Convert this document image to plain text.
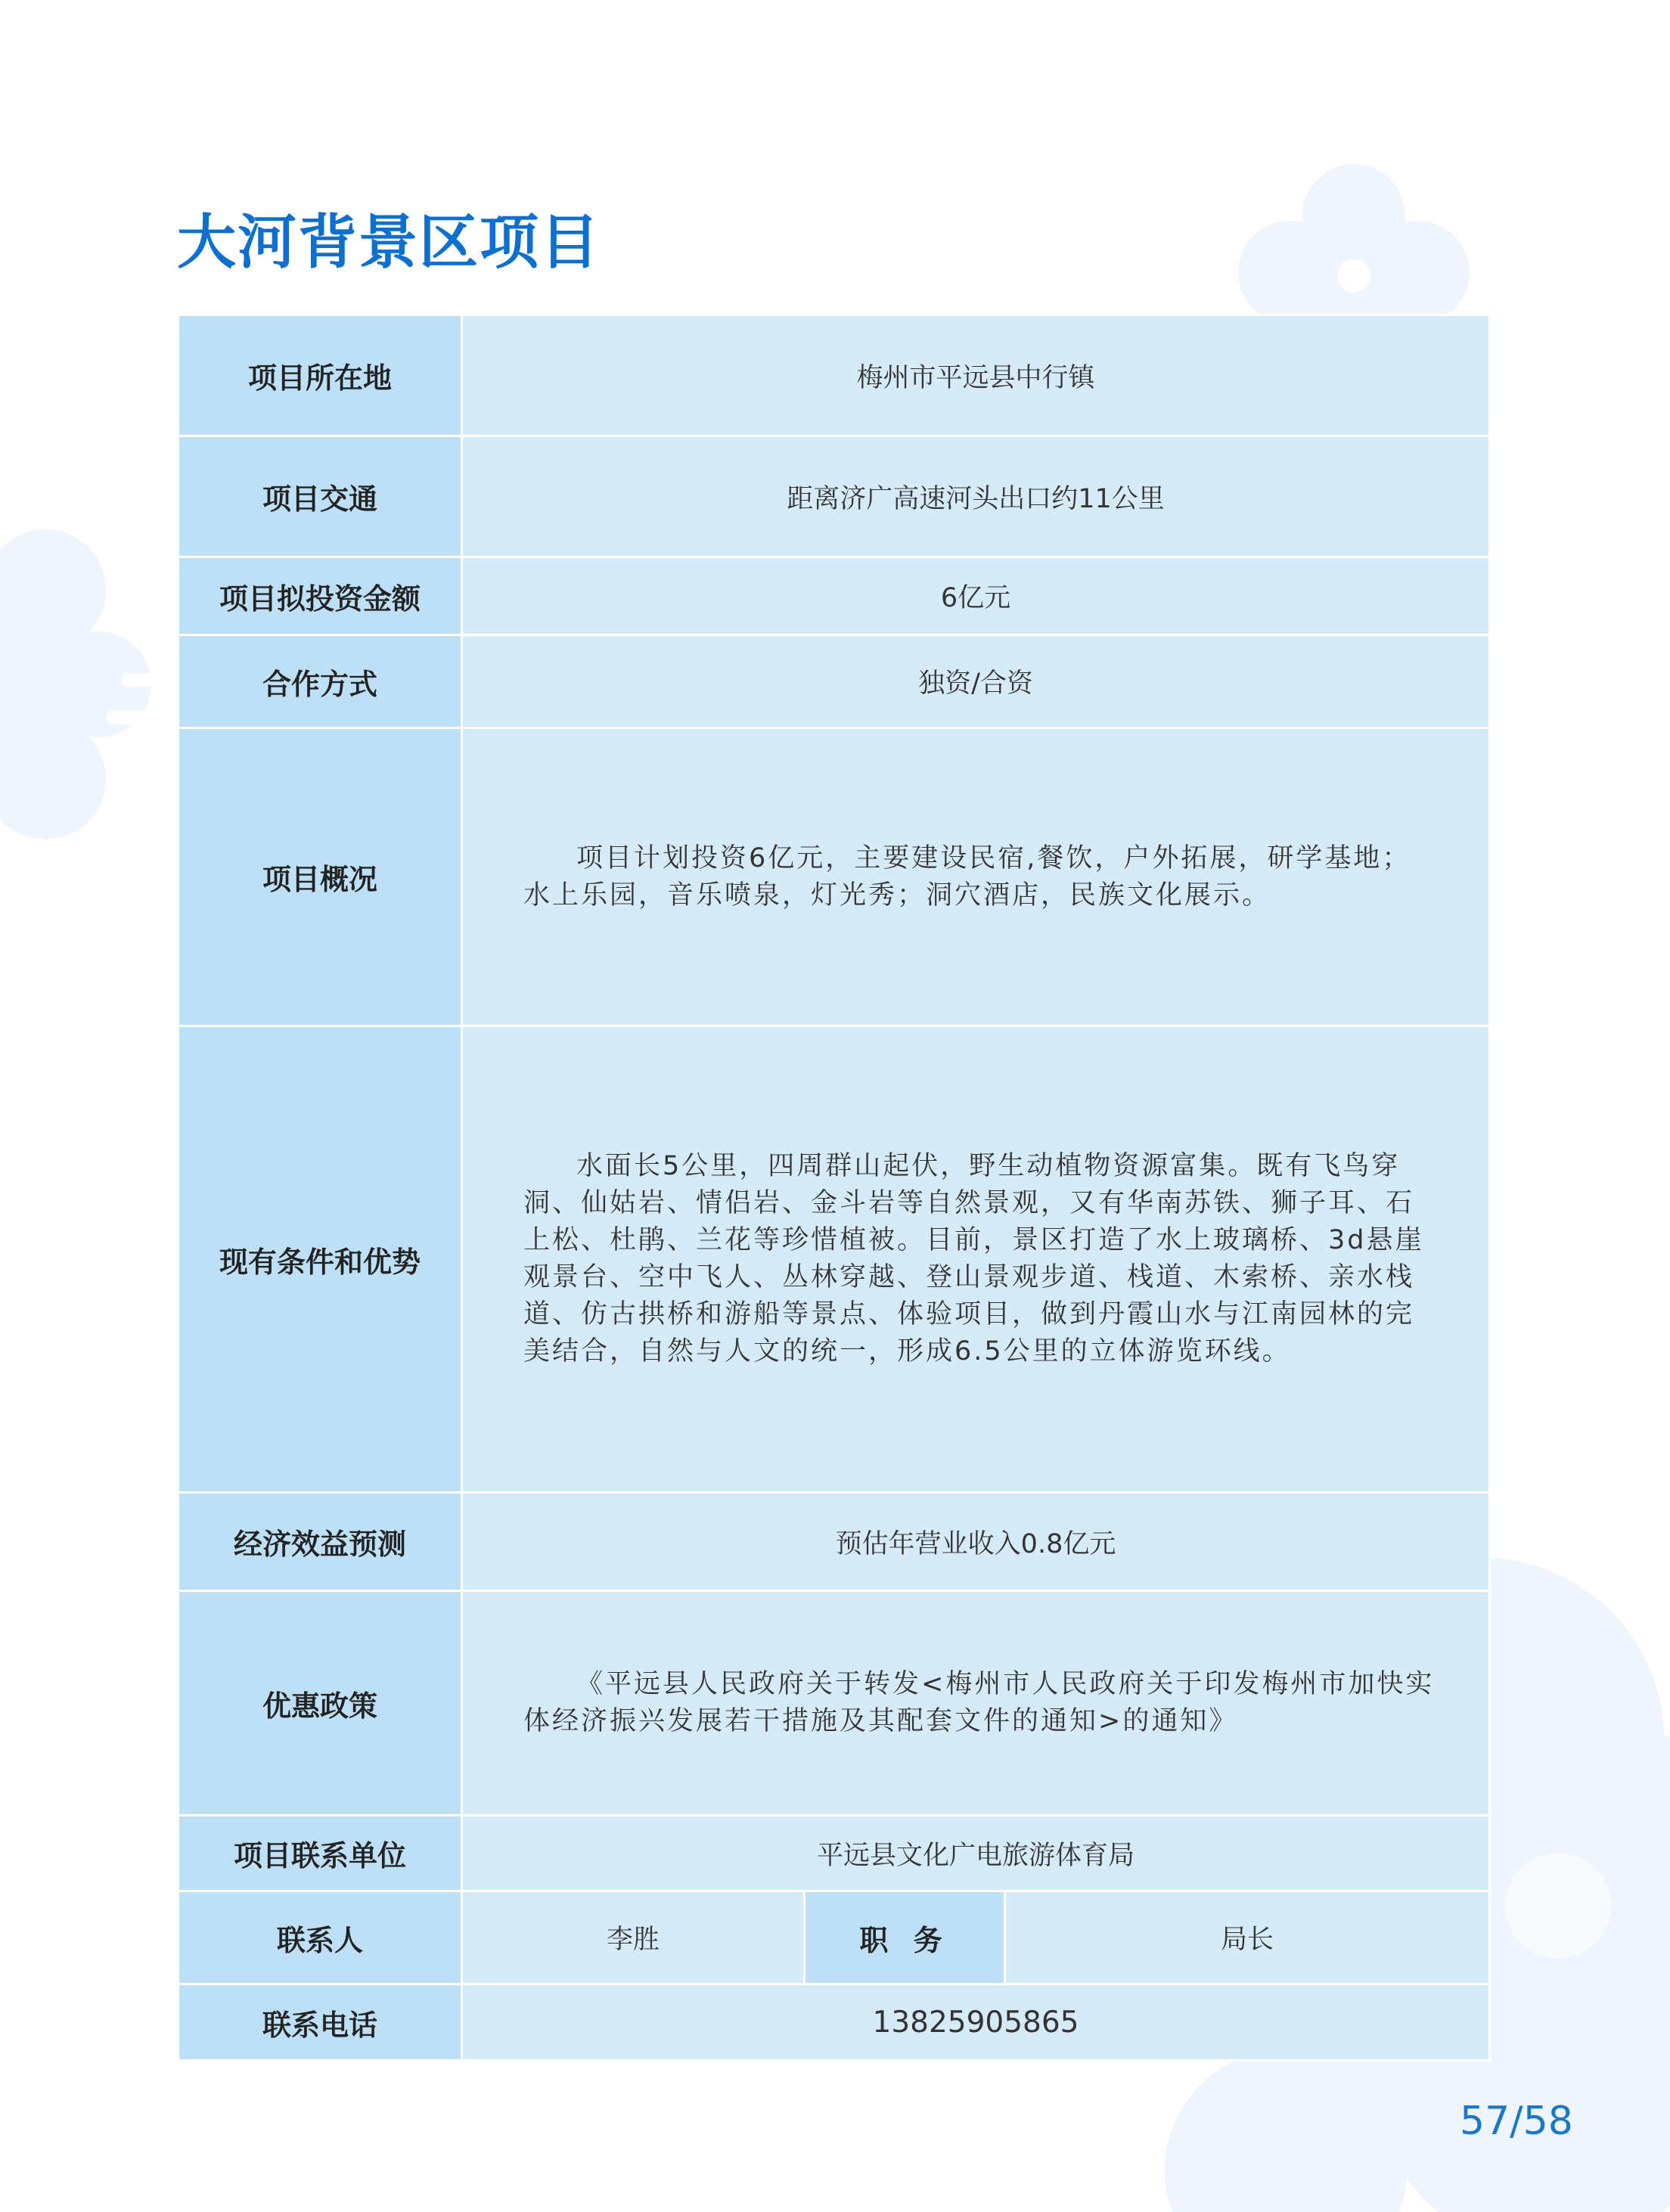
大河背景区项目
项目所在地	梅州市平远县中行镇		
项目交通	距离济广高速河头出口约11公里		
项目拟投资金额	6亿元		
合作方式	独资/合资		
项目概况	项目计划投资6亿元，主要建设民宿,餐饮，户外拓展，研学基地；水上乐园，音乐喷泉，灯光秀；洞穴酒店，民族文化展示。		

现有条件和优势	水面长5公里，四周群山起伏，野生动植物资源富集。既有飞鸟穿洞、仙姑岩、情侣岩、金斗岩等自然景观，又有华南苏铁、狮子耳、石上松、杜鹃、兰花等珍惜植被。目前，景区打造了水上玻璃桥、3d悬崖观景台、空中飞人、丛林穿越、登山景观步道、栈道、木索桥、亲水栈道、仿古拱桥和游船等景点、体验项目，做到丹霞山水与江南园林的完美结合，自然与人文的统一，形成6.5公里的立体游览环线。		

经济效益预测	预估年营业收入0.8亿元		
优惠政策	《平远县人民政府关于转发<梅州市人民政府关于印发梅州市加快实体经济振兴发展若干措施及其配套文件的通知>的通知》		

项目联系单位	平远县文化广电旅游体育局		
联系人	李胜	职 务	局长
联系电话	13825905865		
57/58
